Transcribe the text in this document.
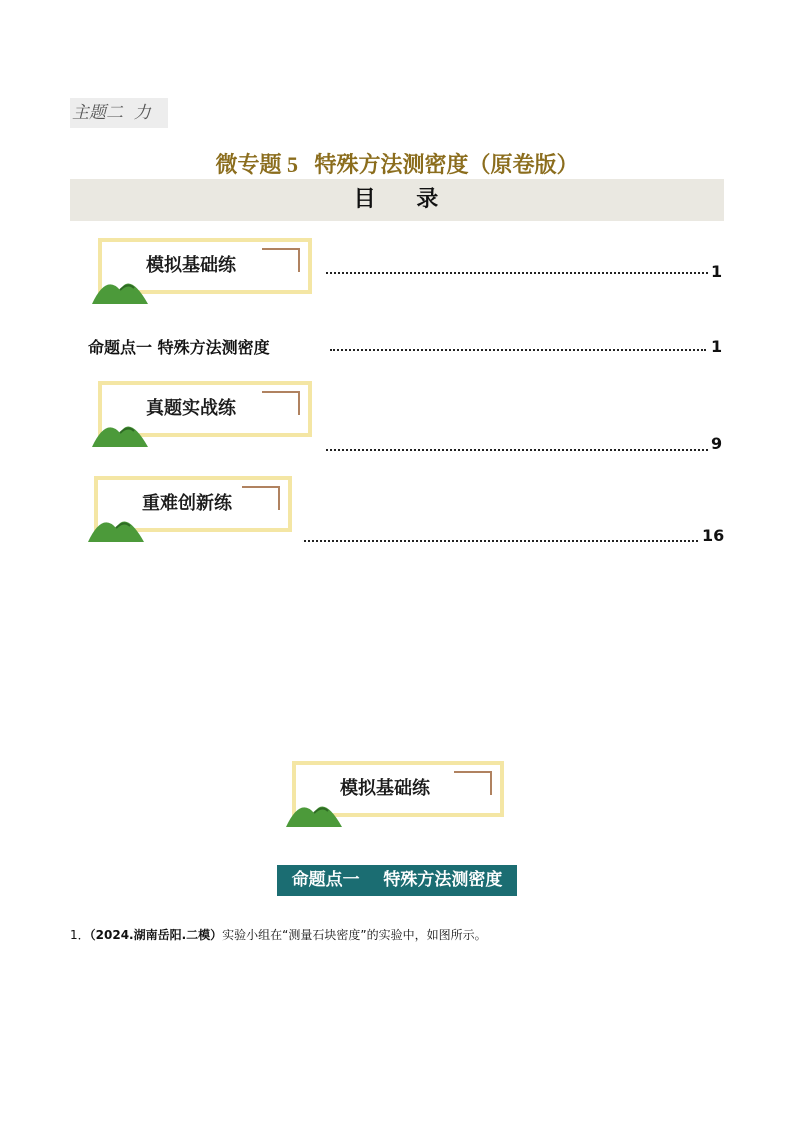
主题二  力
微专题 5   特殊方法测密度（原卷版）
目    录
模拟基础练	1
命题点一 特殊方法测密度	1
真题实战练
9
重难创新练
16
模拟基础练
命题点一    特殊方法测密度
1．（2024.湖南岳阳.二模）实验小组在“测量石块密度”的实验中，如图所示。
